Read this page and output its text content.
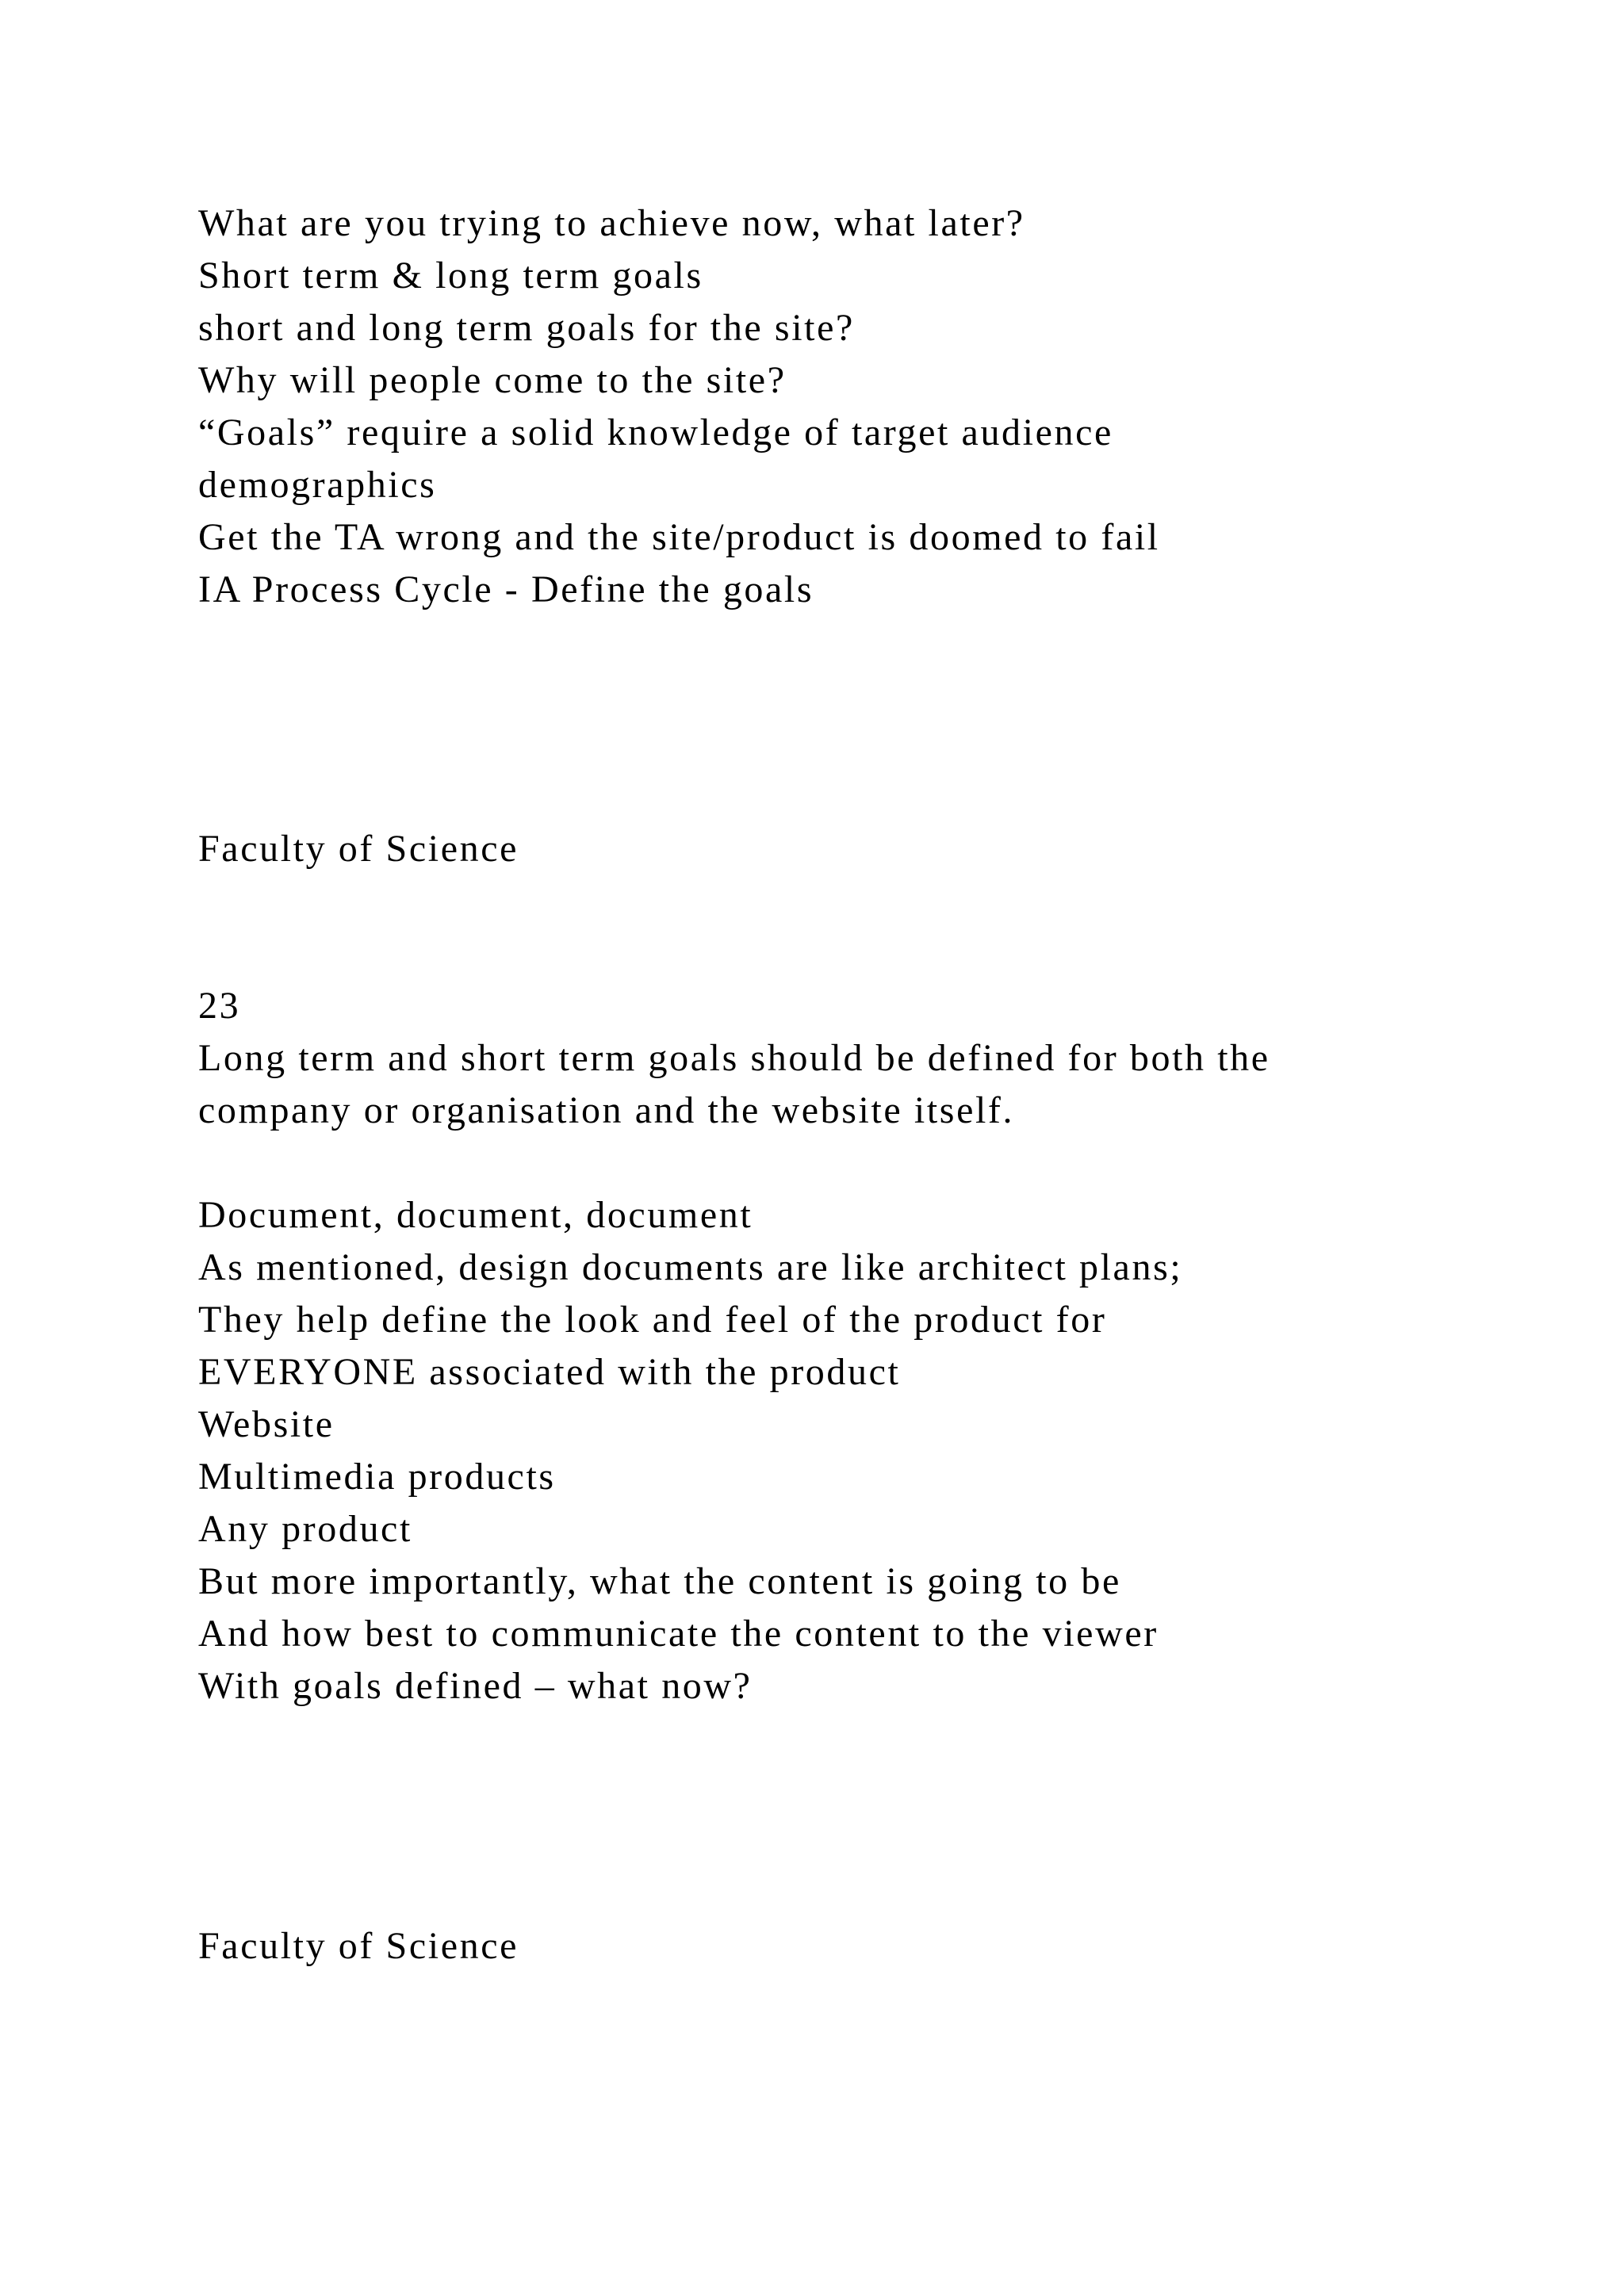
What are you trying to achieve now, what later?

Short term & long term goals

short and long term goals for the site?

Why will people come to the site?

“Goals” require a solid knowledge of target audience

demographics

Get the TA wrong and the site/product is doomed to fail

IA Process Cycle - Define the goals

Faculty of Science

23

Long term and short term goals should be defined for both the

company or organisation and the website itself.

Document, document, document

As mentioned, design documents are like architect plans;

They help define the look and feel of the product for

EVERYONE associated with the product

Website

Multimedia products

Any product

But more importantly, what the content is going to be

And how best to communicate the content to the viewer

With goals defined – what now?

Faculty of Science
